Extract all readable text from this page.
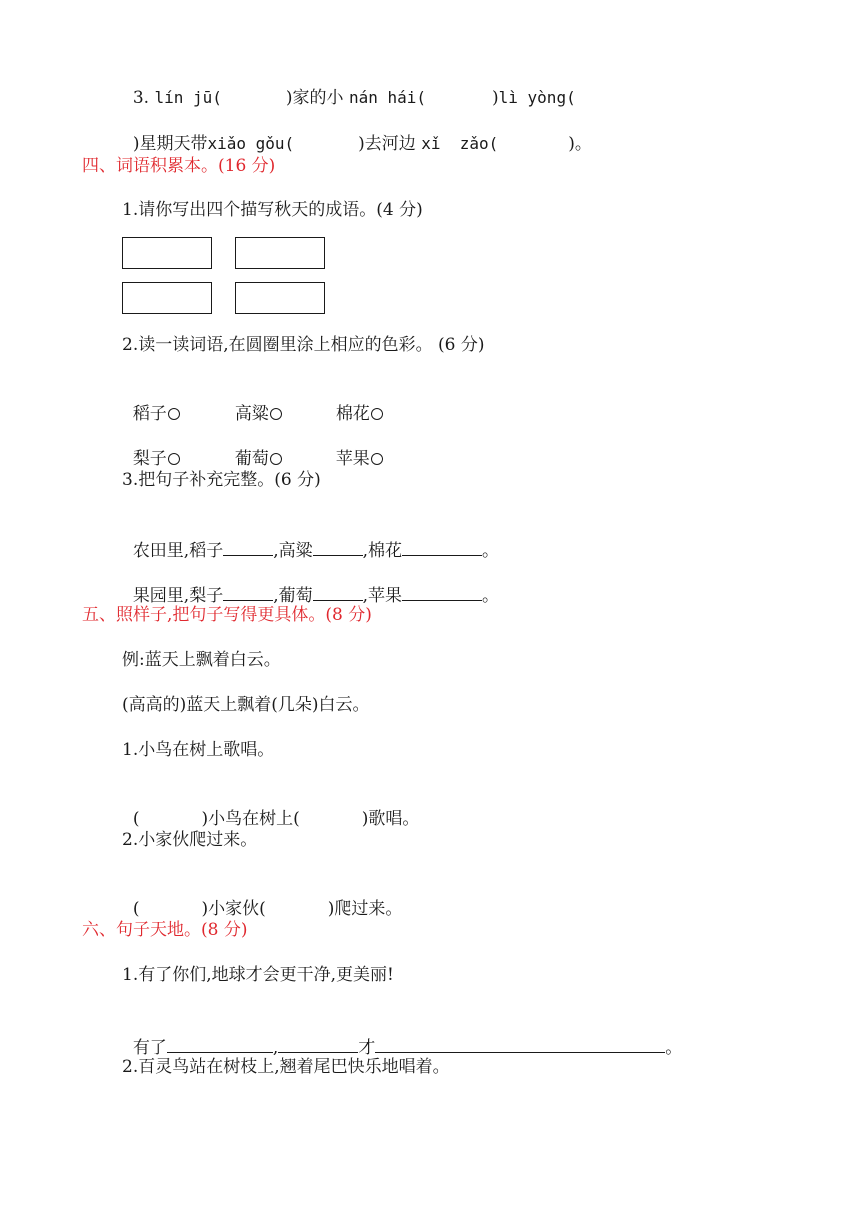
3. lín jū(	)家的小 nán hái(	)lì yòng(

)星期天带xiǎo gǒu(	)去河边 xǐ  zǎo(	)。

四、词语积累本。(16 分)
1.请你写出四个描写秋天的成语。(4 分)
2.读一读词语,在圆圈里涂上相应的色彩。 (6 分)

稻子	高粱	棉花

梨子	葡萄	苹果

3.把句子补充完整。(6 分)

农田里,稻子	,高粱	,棉花	。

果园里,梨子	,葡萄	,苹果	。

五、照样子,把句子写得更具体。(8 分)
例:蓝天上飘着白云。
(高高的)蓝天上飘着(几朵)白云。
1.小鸟在树上歌唱。

(	)小鸟在树上(	)歌唱。

2.小家伙爬过来。

(	)小家伙(	)爬过来。

六、句子天地。(8 分)
1.有了你们,地球才会更干净,更美丽!

有了	,	才	。

2.百灵鸟站在树枝上,翘着尾巴快乐地唱着。
